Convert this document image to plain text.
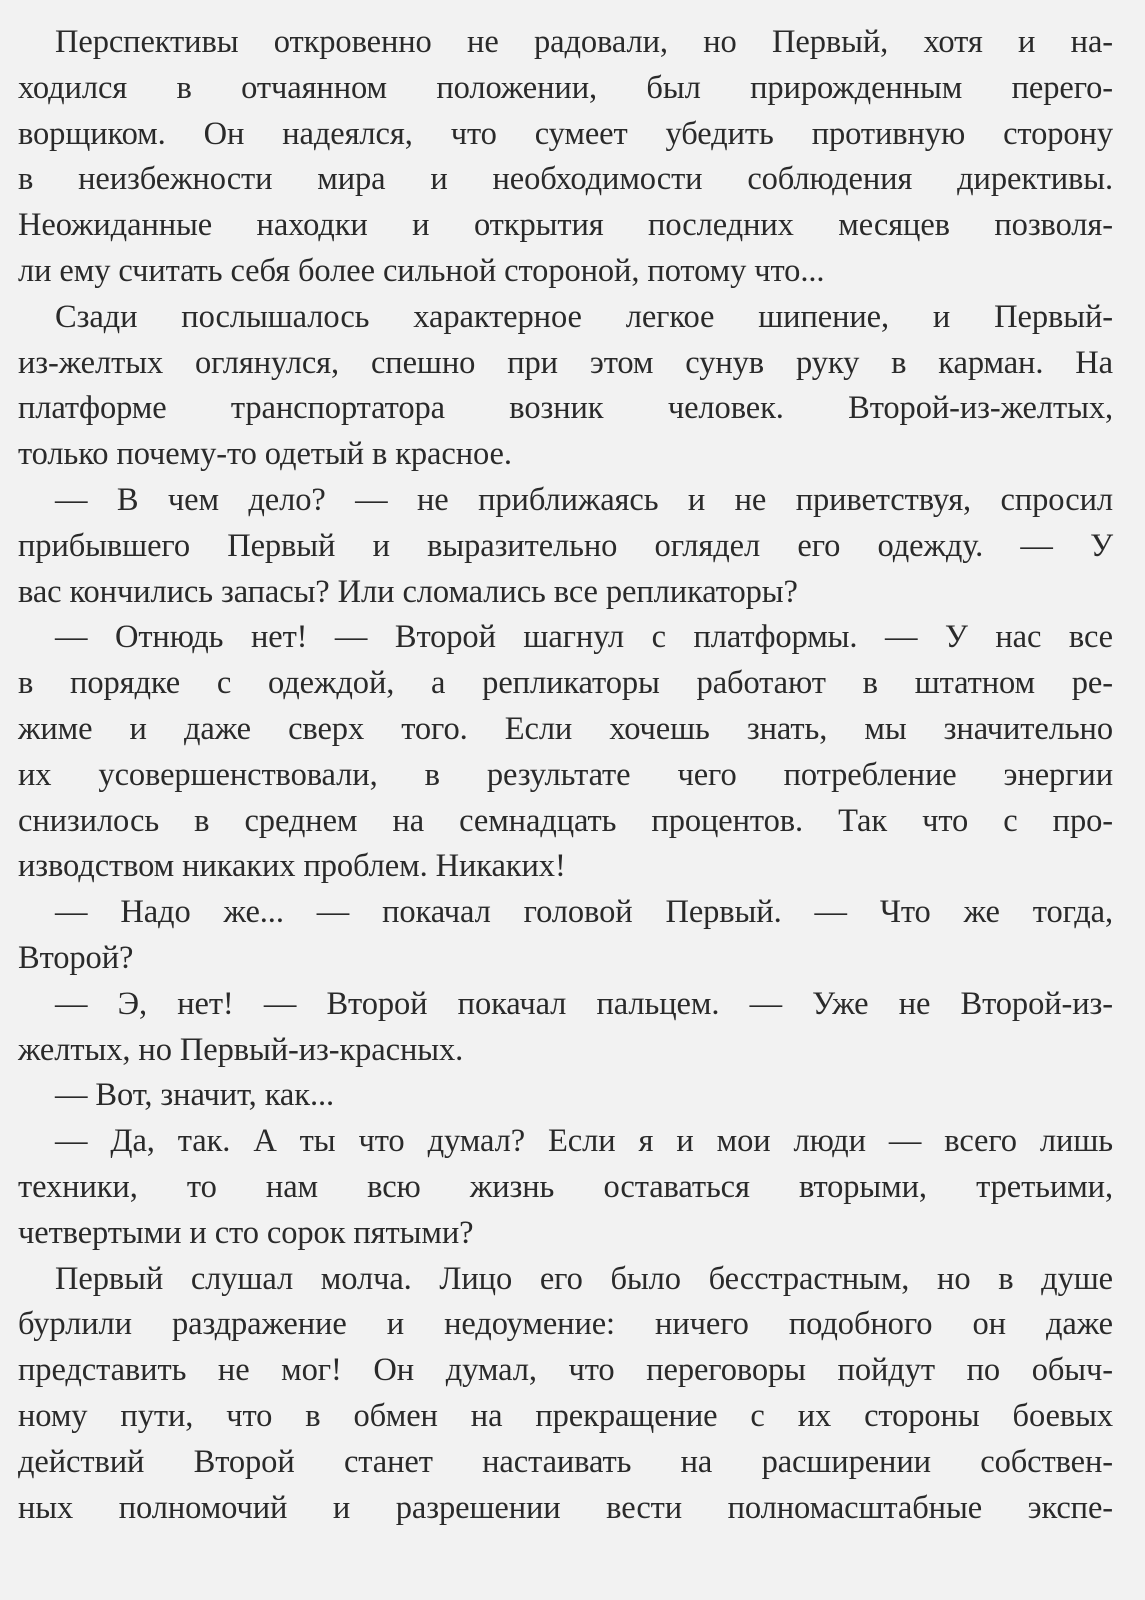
Перспективы откровенно не радовали, но Первый, хотя и на-
ходился в отчаянном положении, был прирожденным перего-
ворщиком. Он надеялся, что сумеет убедить противную сторону
в неизбежности мира и необходимости соблюдения директивы.
Неожиданные находки и открытия последних месяцев позволя-
ли ему считать себя более сильной стороной, потому что...
Сзади послышалось характерное легкое шипение, и Первый-
из-желтых оглянулся, спешно при этом сунув руку в карман. На
платформе транспортатора возник человек. Второй-из-желтых,
только почему-то одетый в красное.
— В чем дело? — не приближаясь и не приветствуя, спросил
прибывшего Первый и выразительно оглядел его одежду. — У
вас кончились запасы? Или сломались все репликаторы?
— Отнюдь нет! — Второй шагнул с платформы. — У нас все
в порядке с одеждой, а репликаторы работают в штатном ре-
жиме и даже сверх того. Если хочешь знать, мы значительно
их усовершенствовали, в результате чего потребление энергии
снизилось в среднем на семнадцать процентов. Так что с про-
изводством никаких проблем. Никаких!
— Надо же... — покачал головой Первый. — Что же тогда,
Второй?
— Э, нет! — Второй покачал пальцем. — Уже не Второй-из-
желтых, но Первый-из-красных.
— Вот, значит, как...
— Да, так. А ты что думал? Если я и мои люди — всего лишь
техники, то нам всю жизнь оставаться вторыми, третьими,
четвертыми и сто сорок пятыми?
Первый слушал молча. Лицо его было бесстрастным, но в душе
бурлили раздражение и недоумение: ничего подобного он даже
представить не мог! Он думал, что переговоры пойдут по обыч-
ному пути, что в обмен на прекращение с их стороны боевых
действий Второй станет настаивать на расширении собствен-
ных полномочий и разрешении вести полномасштабные экспе-
